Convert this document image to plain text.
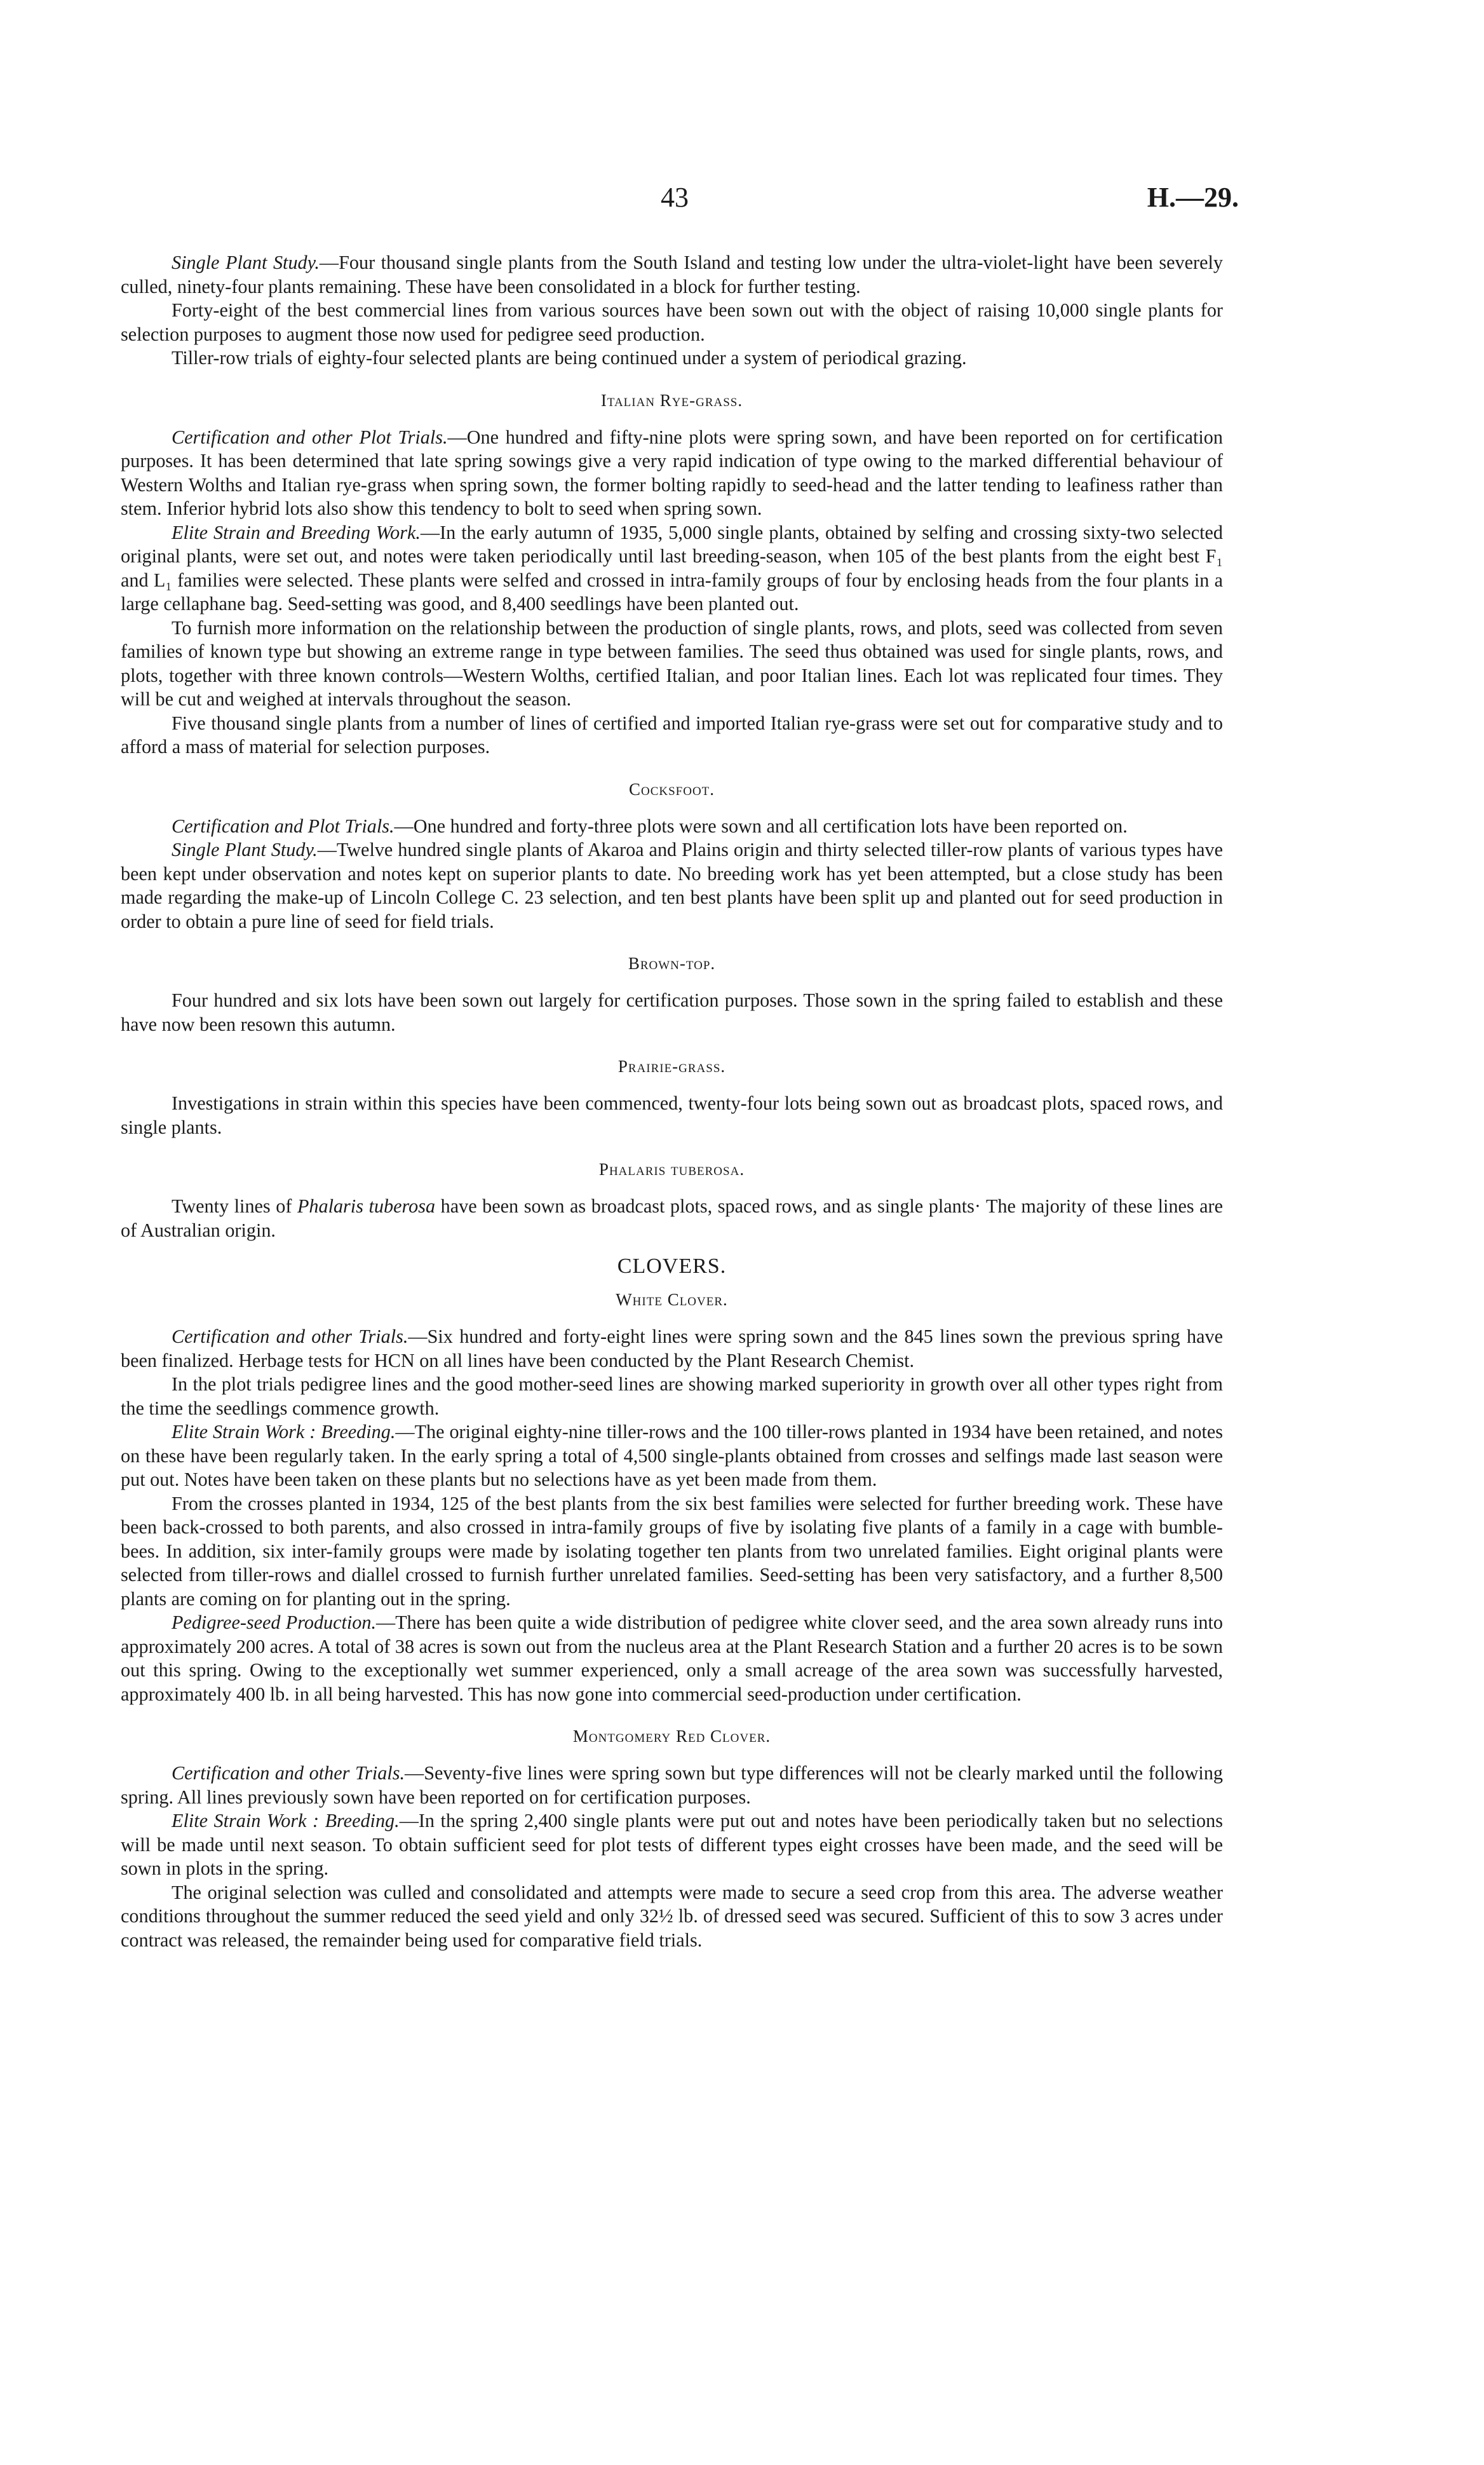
43	H.—29.

Single Plant Study.—Four thousand single plants from the South Island and testing low under the ultra-violet-light have been severely culled, ninety-four plants remaining. These have been consolidated in a block for further testing.

Forty-eight of the best commercial lines from various sources have been sown out with the object of raising 10,000 single plants for selection purposes to augment those now used for pedigree seed production.

Tiller-row trials of eighty-four selected plants are being continued under a system of periodical grazing.

Italian Rye-grass.

Certification and other Plot Trials.—One hundred and fifty-nine plots were spring sown, and have been reported on for certification purposes. It has been determined that late spring sowings give a very rapid indication of type owing to the marked differential behaviour of Western Wolths and Italian rye-grass when spring sown, the former bolting rapidly to seed-head and the latter tending to leafiness rather than stem. Inferior hybrid lots also show this tendency to bolt to seed when spring sown.

Elite Strain and Breeding Work.—In the early autumn of 1935, 5,000 single plants, obtained by selfing and crossing sixty-two selected original plants, were set out, and notes were taken periodically until last breeding-season, when 105 of the best plants from the eight best F₁ and L₁ families were selected. These plants were selfed and crossed in intra-family groups of four by enclosing heads from the four plants in a large cellaphane bag. Seed-setting was good, and 8,400 seedlings have been planted out.

To furnish more information on the relationship between the production of single plants, rows, and plots, seed was collected from seven families of known type but showing an extreme range in type between families. The seed thus obtained was used for single plants, rows, and plots, together with three known controls—Western Wolths, certified Italian, and poor Italian lines. Each lot was replicated four times. They will be cut and weighed at intervals throughout the season.

Five thousand single plants from a number of lines of certified and imported Italian rye-grass were set out for comparative study and to afford a mass of material for selection purposes.

Cocksfoot.

Certification and Plot Trials.—One hundred and forty-three plots were sown and all certification lots have been reported on.

Single Plant Study.—Twelve hundred single plants of Akaroa and Plains origin and thirty selected tiller-row plants of various types have been kept under observation and notes kept on superior plants to date. No breeding work has yet been attempted, but a close study has been made regarding the make-up of Lincoln College C. 23 selection, and ten best plants have been split up and planted out for seed production in order to obtain a pure line of seed for field trials.

Brown-top.

Four hundred and six lots have been sown out largely for certification purposes. Those sown in the spring failed to establish and these have now been resown this autumn.

Prairie-grass.

Investigations in strain within this species have been commenced, twenty-four lots being sown out as broadcast plots, spaced rows, and single plants.

Phalaris tuberosa.

Twenty lines of Phalaris tuberosa have been sown as broadcast plots, spaced rows, and as single plants· The majority of these lines are of Australian origin.

CLOVERS.
White Clover.

Certification and other Trials.—Six hundred and forty-eight lines were spring sown and the 845 lines sown the previous spring have been finalized. Herbage tests for HCN on all lines have been conducted by the Plant Research Chemist.

In the plot trials pedigree lines and the good mother-seed lines are showing marked superiority in growth over all other types right from the time the seedlings commence growth.

Elite Strain Work : Breeding.—The original eighty-nine tiller-rows and the 100 tiller-rows planted in 1934 have been retained, and notes on these have been regularly taken. In the early spring a total of 4,500 single-plants obtained from crosses and selfings made last season were put out. Notes have been taken on these plants but no selections have as yet been made from them.

From the crosses planted in 1934, 125 of the best plants from the six best families were selected for further breeding work. These have been back-crossed to both parents, and also crossed in intra-family groups of five by isolating five plants of a family in a cage with bumble-bees. In addition, six inter-family groups were made by isolating together ten plants from two unrelated families. Eight original plants were selected from tiller-rows and diallel crossed to furnish further unrelated families. Seed-setting has been very satisfactory, and a further 8,500 plants are coming on for planting out in the spring.

Pedigree-seed Production.—There has been quite a wide distribution of pedigree white clover seed, and the area sown already runs into approximately 200 acres. A total of 38 acres is sown out from the nucleus area at the Plant Research Station and a further 20 acres is to be sown out this spring. Owing to the exceptionally wet summer experienced, only a small acreage of the area sown was successfully harvested, approximately 400 lb. in all being harvested. This has now gone into commercial seed-production under certification.

Montgomery Red Clover.

Certification and other Trials.—Seventy-five lines were spring sown but type differences will not be clearly marked until the following spring. All lines previously sown have been reported on for certification purposes.

Elite Strain Work : Breeding.—In the spring 2,400 single plants were put out and notes have been periodically taken but no selections will be made until next season. To obtain sufficient seed for plot tests of different types eight crosses have been made, and the seed will be sown in plots in the spring.

The original selection was culled and consolidated and attempts were made to secure a seed crop from this area. The adverse weather conditions throughout the summer reduced the seed yield and only 32½ lb. of dressed seed was secured. Sufficient of this to sow 3 acres under contract was released, the remainder being used for comparative field trials.
